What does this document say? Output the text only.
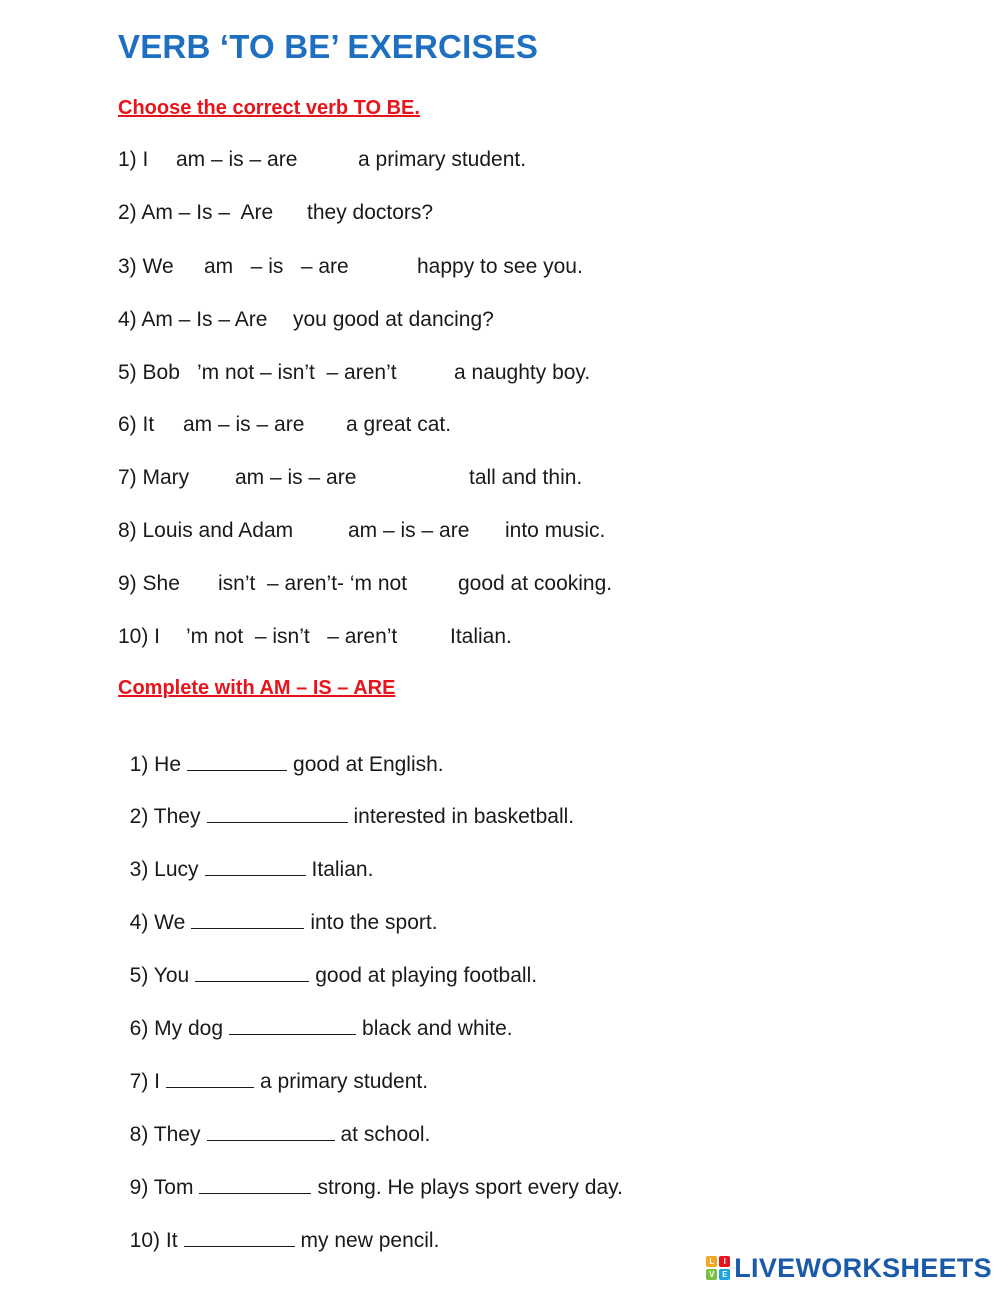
VERB ‘TO BE’ EXERCISES
Choose the correct verb TO BE.

1) I

am – is – are

	a primary student.

2) Am – Is –  Are

they doctors?

3) We

am   – is   – are

	happy to see you.

4) Am – Is – Are

you good at dancing?

5) Bob

’m not – isn’t  – aren’t

	a naughty boy.

6) It

am – is – are

a great cat.

7) Mary

am – is – are

	tall and thin.

8) Louis and Adam

	am – is – are

into music.

9) She

isn’t  – aren’t- ‘m not

good at cooking.

10) I

’m not  – isn’t   – aren’t

	Italian.

Complete with AM – IS – ARE

1) He	good at English.

2) They	interested in basketball.

3) Lucy	Italian.

4) We	into the sport.

5) You	good at playing football.

6) My dog	black and white.

7) I	a primary student.

8) They	at school.

9) Tom	strong. He plays sport every day.

10) It	my new pencil.

L	I
V E LIVEWORKSHEETS
